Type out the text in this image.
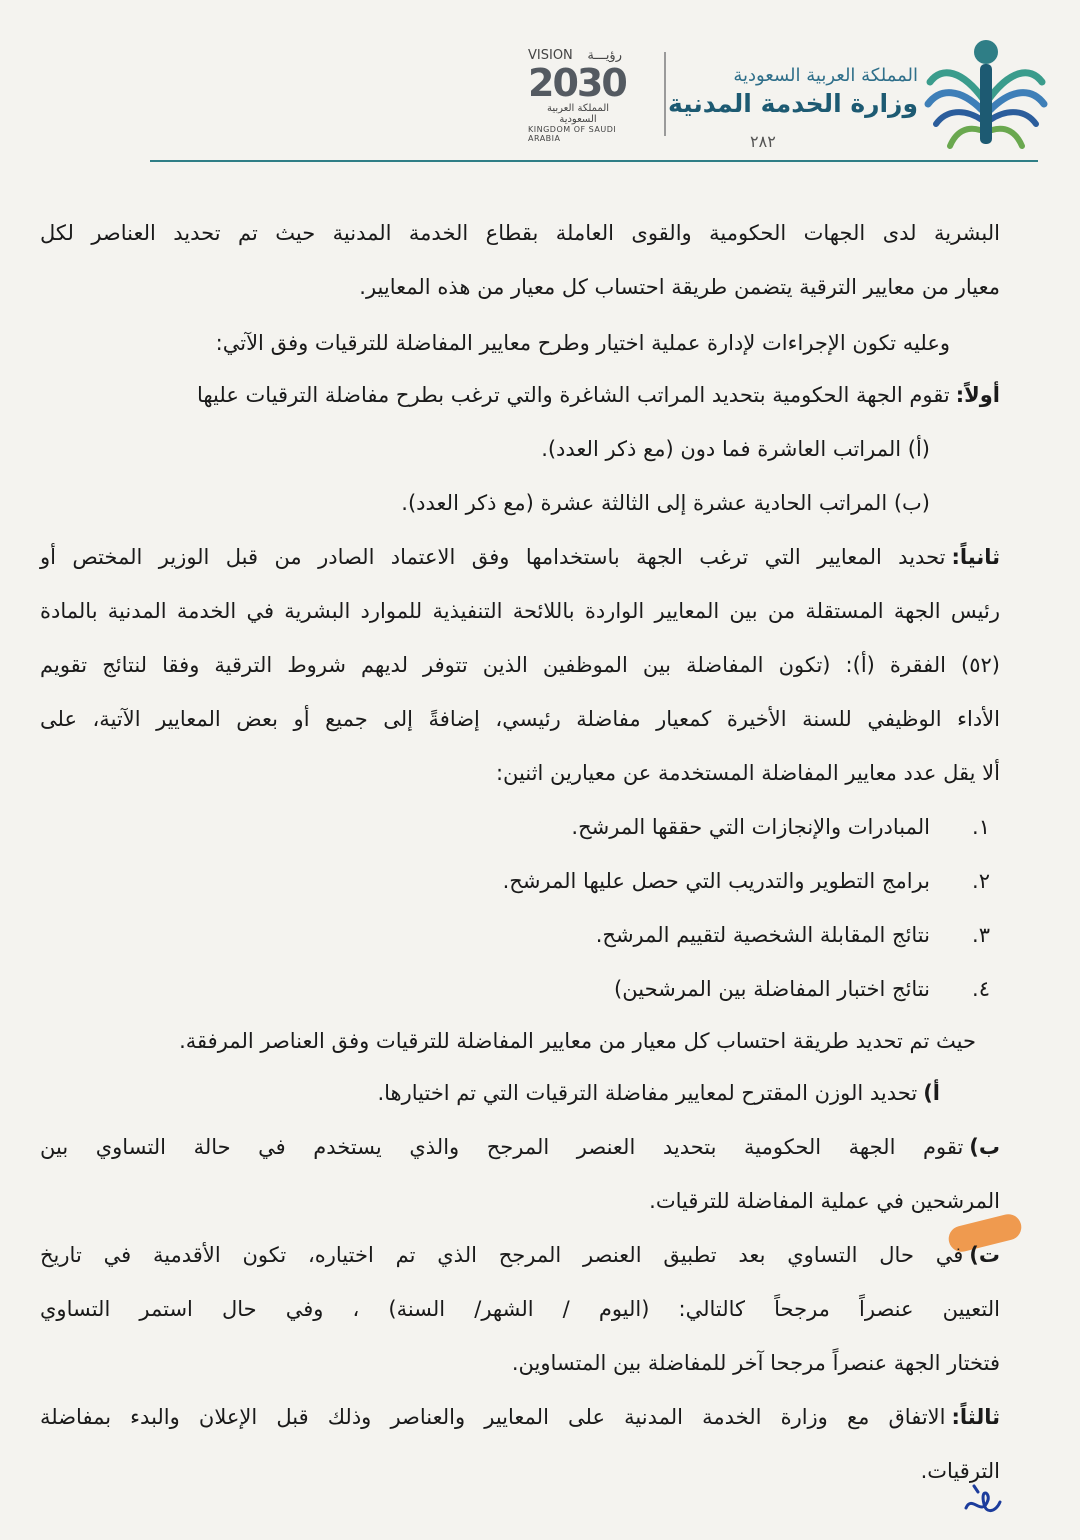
المملكة العربية السعودية
وزارة الخدمة المدنية
VISION رؤيـــة
2030
المملكة العربية السعودية
KINGDOM OF SAUDI ARABIA	٢٨٢
البشرية لدى الجهات الحكومية والقوى العاملة بقطاع الخدمة المدنية حيث تم تحديد العناصر لكل
معيار من معايير الترقية يتضمن طريقة احتساب كل معيار من هذه المعايير.
وعليه تكون الإجراءات لإدارة عملية اختيار وطرح معايير المفاضلة للترقيات وفق الآتي:
أولاً:تقوم الجهة الحكومية بتحديد المراتب الشاغرة والتي ترغب بطرح مفاضلة الترقيات عليها
(أ) المراتب العاشرة فما دون (مع ذكر العدد).
(ب) المراتب الحادية عشرة إلى الثالثة عشرة (مع ذكر العدد).
ثانياً:تحديد المعايير التي ترغب الجهة باستخدامها وفق الاعتماد الصادر من قبل الوزير المختص أو
رئيس الجهة المستقلة من بين المعايير الواردة باللائحة التنفيذية للموارد البشرية في الخدمة المدنية بالمادة
(٥٢) الفقرة (أ): (تكون المفاضلة بين الموظفين الذين تتوفر لديهم شروط الترقية وفقا لنتائج تقويم
الأداء الوظيفي للسنة الأخيرة كمعيار مفاضلة رئيسي، إضافةً إلى جميع أو بعض المعايير الآتية، على
ألا يقل عدد معايير المفاضلة المستخدمة عن معيارين اثنين:
١.المبادرات والإنجازات التي حققها المرشح.
٢.برامج التطوير والتدريب التي حصل عليها المرشح.
٣.نتائج المقابلة الشخصية لتقييم المرشح.
٤.نتائج اختبار المفاضلة بين المرشحين)
حيث تم تحديد طريقة احتساب كل معيار من معايير المفاضلة للترقيات وفق العناصر المرفقة.
أ)تحديد الوزن المقترح لمعايير مفاضلة الترقيات التي تم اختيارها.
ب)تقوم الجهة الحكومية بتحديد العنصر المرجح والذي يستخدم في حالة التساوي بين
المرشحين في عملية المفاضلة للترقيات.
ت)في حال التساوي بعد تطبيق العنصر المرجح الذي تم اختياره، تكون الأقدمية في تاريخ
التعيين عنصراً مرجحاً كالتالي: (اليوم / الشهر/ السنة) ، وفي حال استمر التساوي
فتختار الجهة عنصراً مرجحا آخر للمفاضلة بين المتساوين.
ثالثاً:الاتفاق مع وزارة الخدمة المدنية على المعايير والعناصر وذلك قبل الإعلان والبدء بمفاضلة
الترقيات.
